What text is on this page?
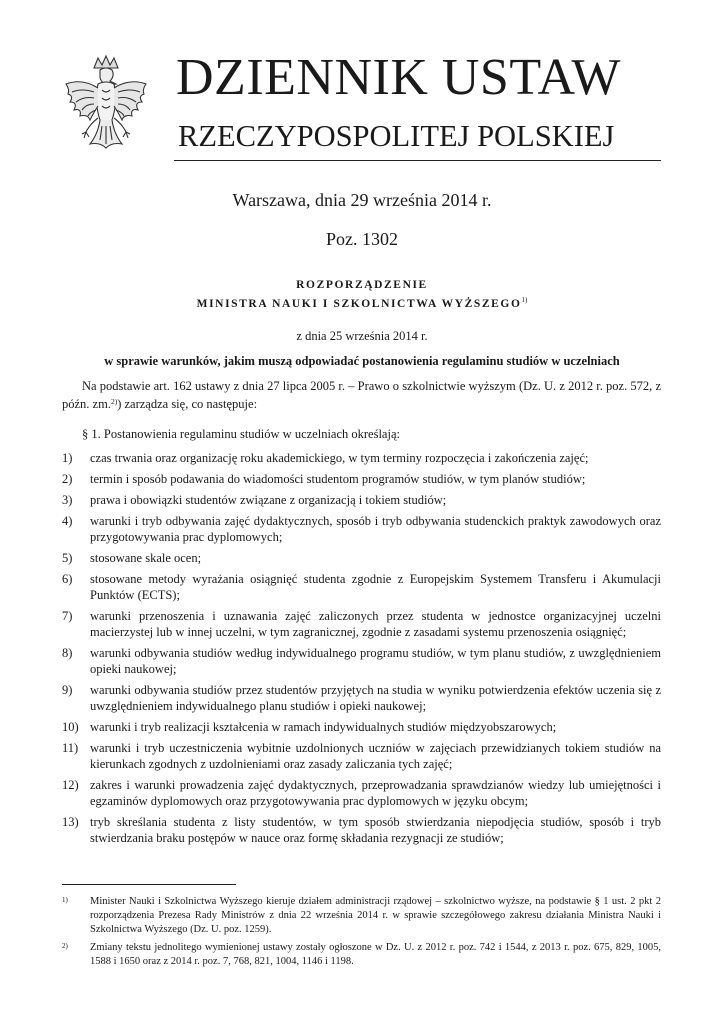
DZIENNIK USTAW
RZECZYPOSPOLITEJ POLSKIEJ
Warszawa, dnia 29 września 2014 r.
Poz. 1302
ROZPORZĄDZENIE
MINISTRA NAUKI I SZKOLNICTWA WYŻSZEGO$^{1)}$
z dnia 25 września 2014 r.
w sprawie warunków, jakim muszą odpowiadać postanowienia regulaminu studiów w uczelniach
Na podstawie art. 162 ustawy z dnia 27 lipca 2005 r. – Prawo o szkolnictwie wyższym (Dz. U. z 2012 r. poz. 572, z późn. zm.$^{2)}$) zarządza się, co następuje:
§ 1. Postanowienia regulaminu studiów w uczelniach określają:
1)	czas trwania oraz organizację roku akademickiego, w tym terminy rozpoczęcia i zakończenia zajęć;
2)	termin i sposób podawania do wiadomości studentom programów studiów, w tym planów studiów;
3)	prawa i obowiązki studentów związane z organizacją i tokiem studiów;
4)	warunki i tryb odbywania zajęć dydaktycznych, sposób i tryb odbywania studenckich praktyk zawodowych oraz przygotowywania prac dyplomowych;
5)	stosowane skale ocen;
6)	stosowane metody wyrażania osiągnięć studenta zgodnie z Europejskim Systemem Transferu i Akumulacji Punktów (ECTS);
7)	warunki przenoszenia i uznawania zajęć zaliczonych przez studenta w jednostce organizacyjnej uczelni macierzystej lub w innej uczelni, w tym zagranicznej, zgodnie z zasadami systemu przenoszenia osiągnięć;
8)	warunki odbywania studiów według indywidualnego programu studiów, w tym planu studiów, z uwzględnieniem opieki naukowej;
9)	warunki odbywania studiów przez studentów przyjętych na studia w wyniku potwierdzenia efektów uczenia się z uwzględnieniem indywidualnego planu studiów i opieki naukowej;
10) warunki i tryb realizacji kształcenia w ramach indywidualnych studiów międzyobszarowych;
11) warunki i tryb uczestniczenia wybitnie uzdolnionych uczniów w zajęciach przewidzianych tokiem studiów na kierunkach zgodnych z uzdolnieniami oraz zasady zaliczania tych zajęć;
12) zakres i warunki prowadzenia zajęć dydaktycznych, przeprowadzania sprawdzianów wiedzy lub umiejętności i egzaminów dyplomowych oraz przygotowywania prac dyplomowych w języku obcym;
13) tryb skreślania studenta z listy studentów, w tym sposób stwierdzania niepodjęcia studiów, sposób i tryb stwierdzania braku postępów w nauce oraz formę składania rezygnacji ze studiów;
1)	Minister Nauki i Szkolnictwa Wyższego kieruje działem administracji rządowej – szkolnictwo wyższe, na podstawie § 1 ust. 2 pkt 2 rozporządzenia Prezesa Rady Ministrów z dnia 22 września 2014 r. w sprawie szczegółowego zakresu działania Ministra Nauki i Szkolnictwa Wyższego (Dz. U. poz. 1259).
2)	Zmiany tekstu jednolitego wymienionej ustawy zostały ogłoszone w Dz. U. z 2012 r. poz. 742 i 1544, z 2013 r. poz. 675, 829, 1005, 1588 i 1650 oraz z 2014 r. poz. 7, 768, 821, 1004, 1146 i 1198.
